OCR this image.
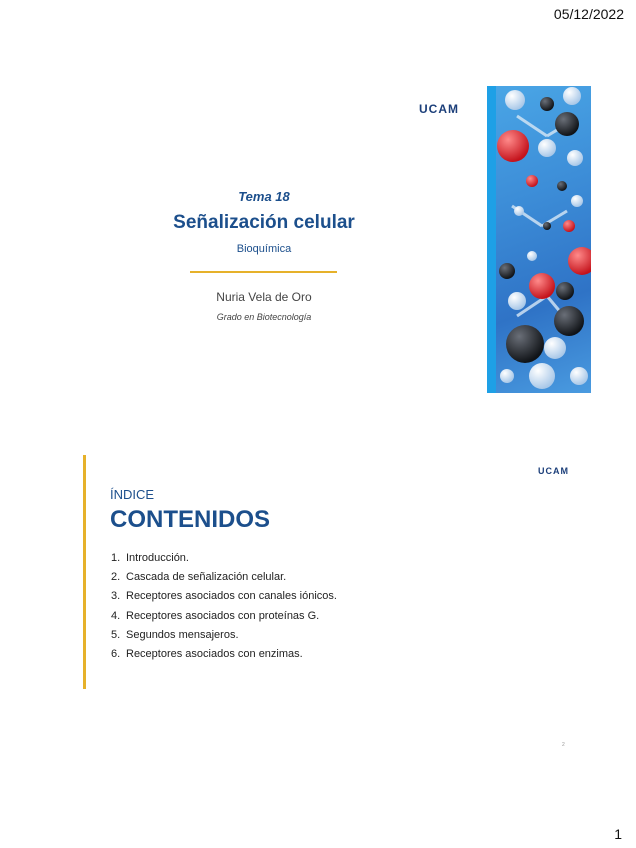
05/12/2022
UCAM
Tema 18
Señalización celular
Bioquímica
Nuria Vela de Oro
Grado en Biotecnología
UCAM
ÍNDICE
CONTENIDOS
1. Introducción.
2. Cascada de señalización celular.
3. Receptores asociados con canales iónicos.
4. Receptores asociados con proteínas G.
5. Segundos mensajeros.
6. Receptores asociados con enzimas.
2
1
